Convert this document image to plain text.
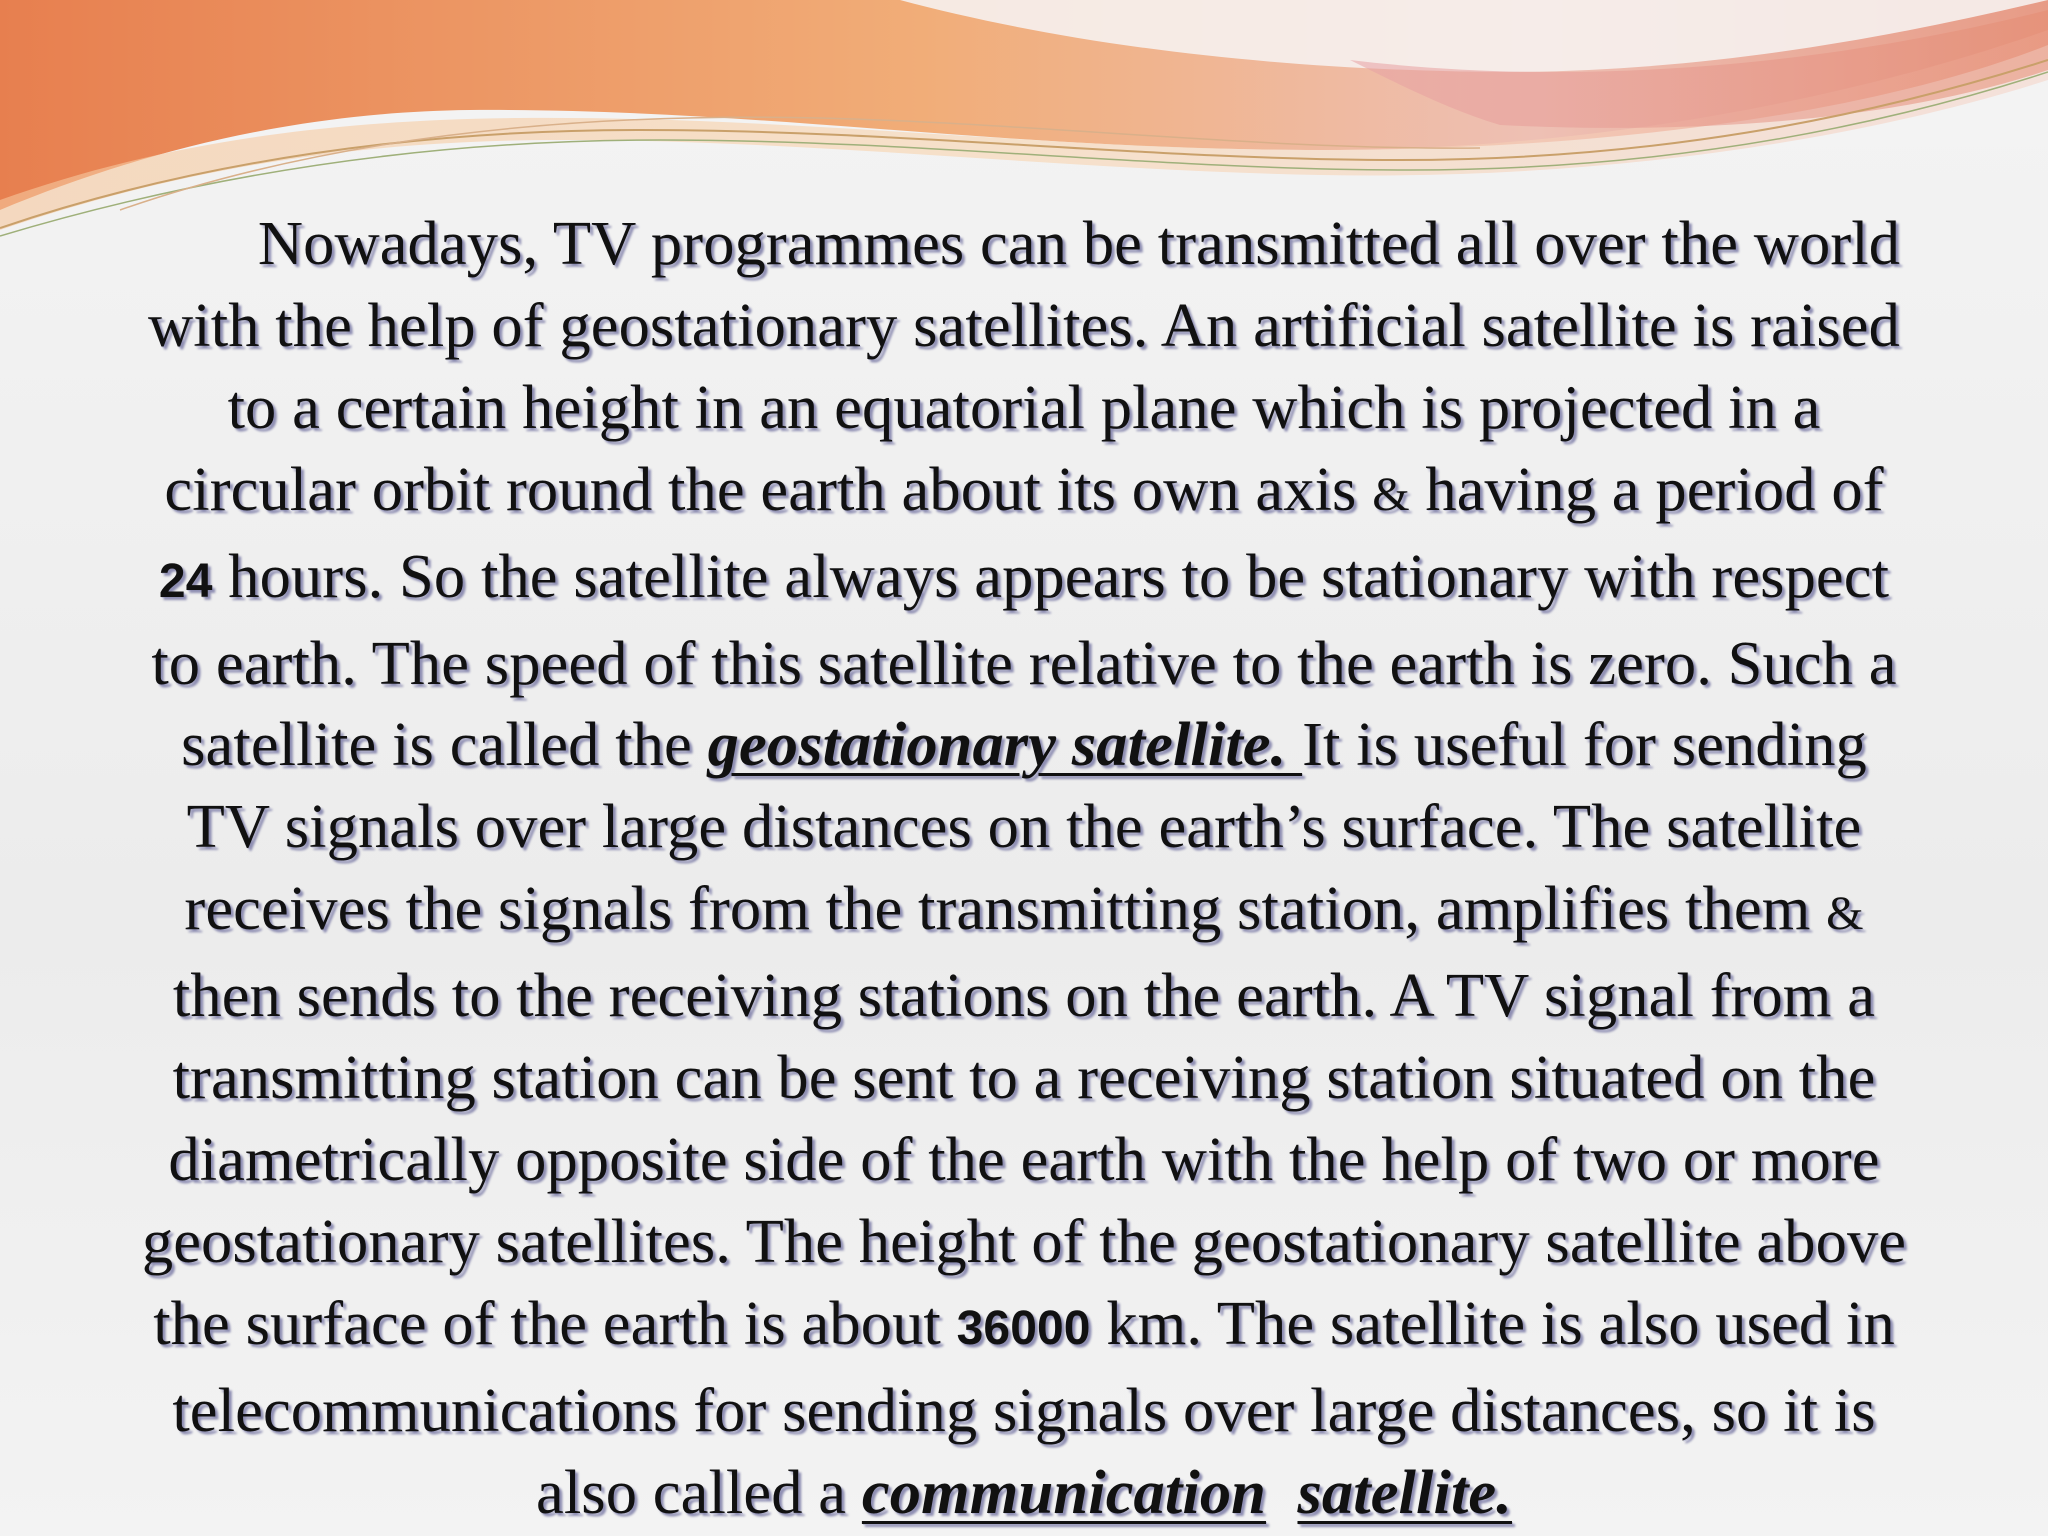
Nowadays, TV programmes can be transmitted all over the world
with the help of geostationary satellites. An artificial satellite is raised
to a certain height in an equatorial plane which is projected in a
circular orbit round the earth about its own axis & having a period of
24 hours. So the satellite always appears to be stationary with respect
to earth. The speed of this satellite relative to the earth is zero. Such a
satellite is called the geostationary satellite. It is useful for sending
TV signals over large distances on the earth’s surface. The satellite
receives the signals from the transmitting station, amplifies them &
then sends to the receiving stations on the earth. A TV signal from a
transmitting station can be sent to a receiving station situated on the
diametrically opposite side of the earth with the help of two or more
geostationary satellites. The height of the geostationary satellite above
the surface of the earth is about 36000 km. The satellite is also used in
telecommunications for sending signals over large distances, so it is
also called a communication satellite.
